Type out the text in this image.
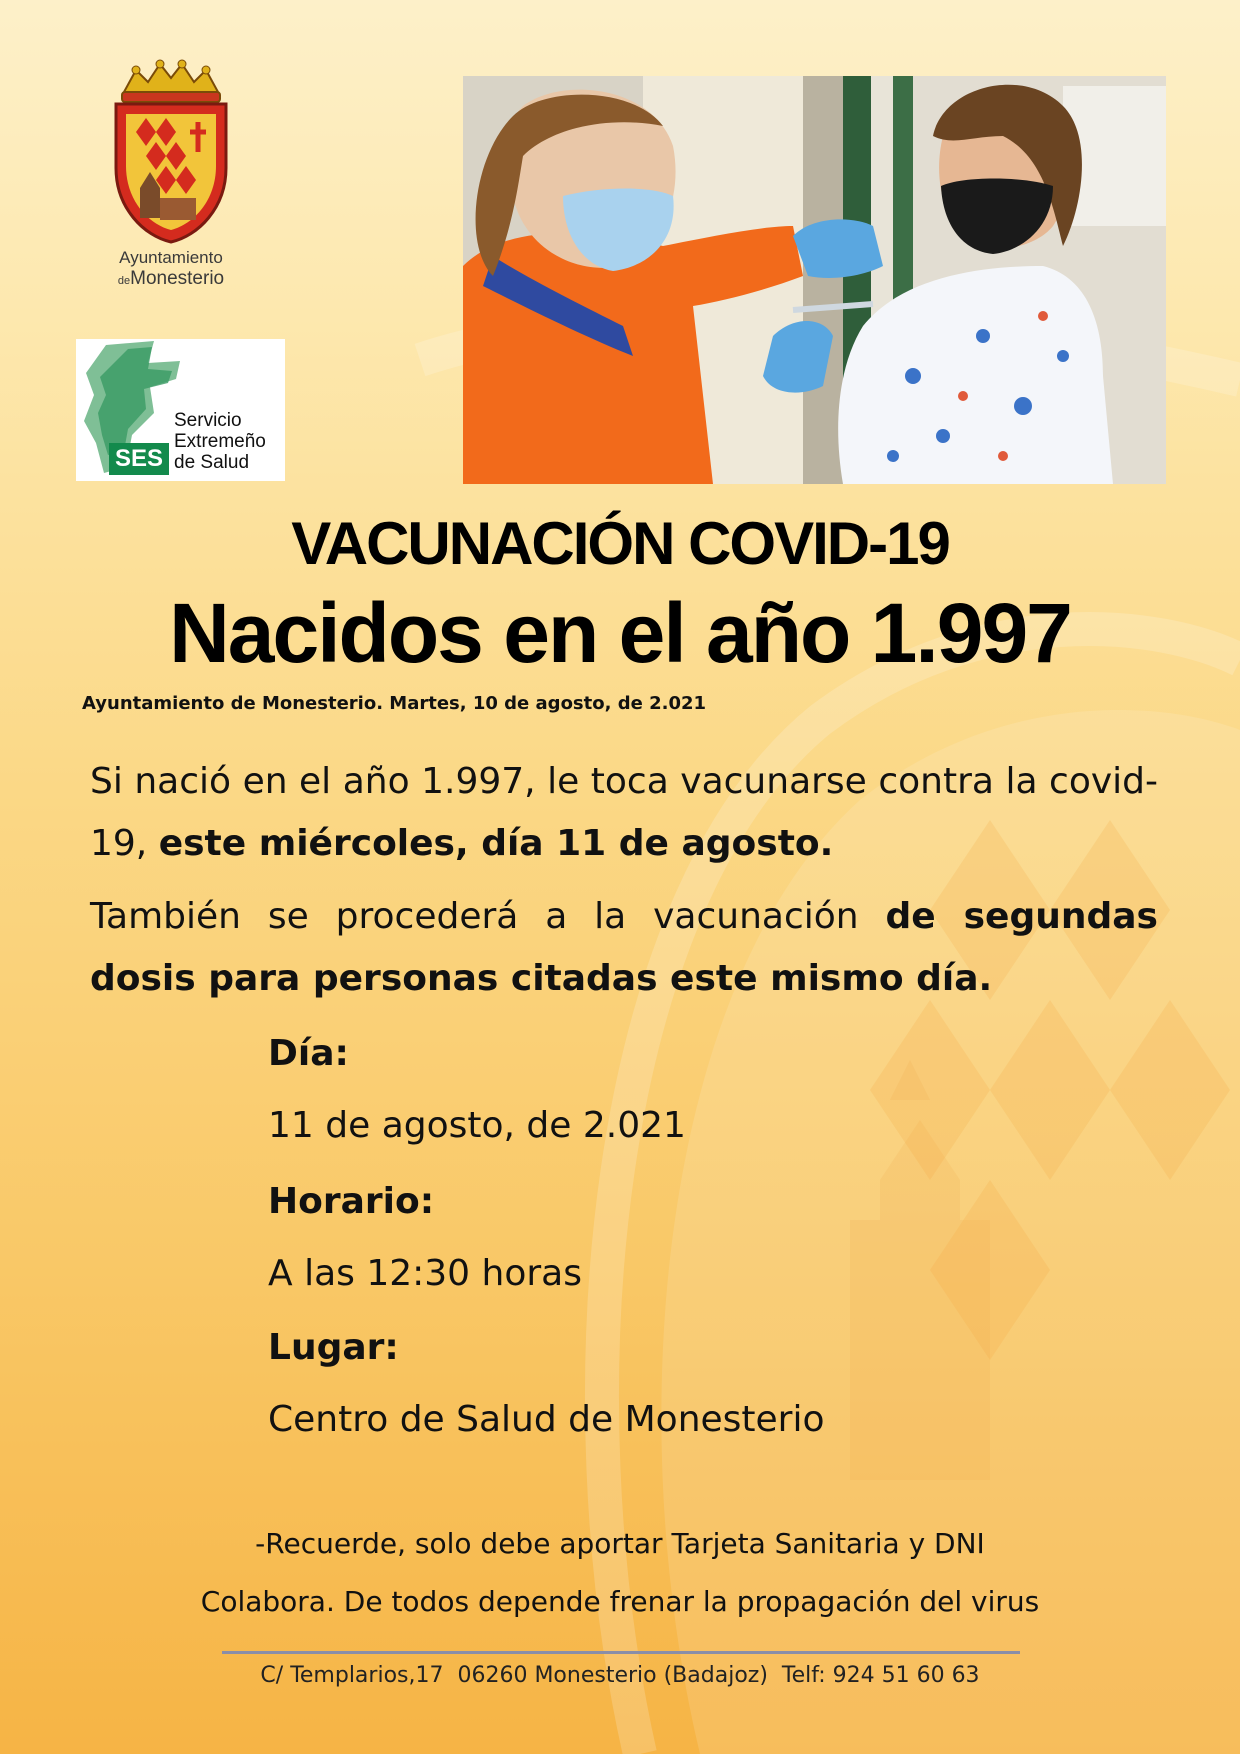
Ayuntamiento
deMonesterio
SES
Servicio
Extremeño
de Salud
VACUNACIÓN COVID-19
Nacidos en el año 1.997
Ayuntamiento de Monesterio. Martes, 10 de agosto, de 2.021
Si nació en el año 1.997, le toca vacunarse contra la covid-19, este miércoles, día 11 de agosto.
También se procederá a la vacunación de segundas dosis para personas citadas este mismo día.
Día:
11 de agosto, de 2.021
Horario:
A las 12:30 horas
Lugar:
Centro de Salud de Monesterio
-Recuerde, solo debe aportar Tarjeta Sanitaria y DNI
Colabora. De todos depende frenar la propagación del virus
C/ Templarios,17  06260 Monesterio (Badajoz)  Telf: 924 51 60 63
